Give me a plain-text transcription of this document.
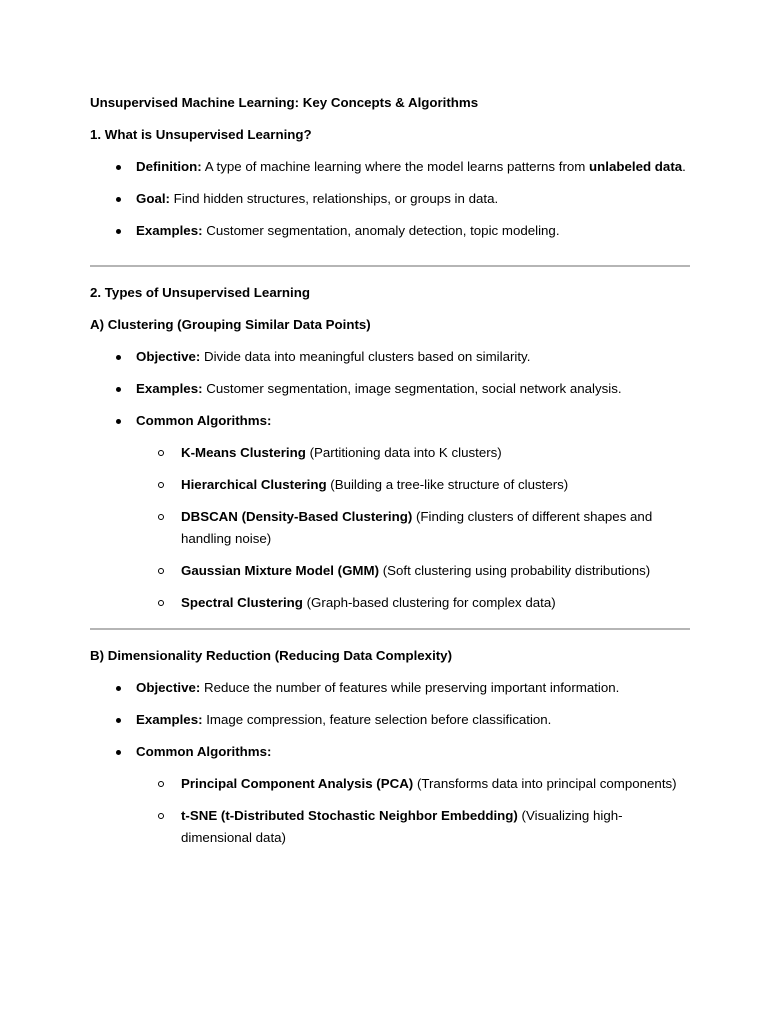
Unsupervised Machine Learning: Key Concepts & Algorithms

1. What is Unsupervised Learning?

Definition: A type of machine learning where the model learns patterns from unlabeled data.
Goal: Find hidden structures, relationships, or groups in data.
Examples: Customer segmentation, anomaly detection, topic modeling.

2. Types of Unsupervised Learning

A) Clustering (Grouping Similar Data Points)

Objective: Divide data into meaningful clusters based on similarity.
Examples: Customer segmentation, image segmentation, social network analysis.
Common Algorithms:
K-Means Clustering (Partitioning data into K clusters)
Hierarchical Clustering (Building a tree-like structure of clusters)
DBSCAN (Density-Based Clustering) (Finding clusters of different shapes and handling noise)
Gaussian Mixture Model (GMM) (Soft clustering using probability distributions)
Spectral Clustering (Graph-based clustering for complex data)

B) Dimensionality Reduction (Reducing Data Complexity)

Objective: Reduce the number of features while preserving important information.
Examples: Image compression, feature selection before classification.
Common Algorithms:
Principal Component Analysis (PCA) (Transforms data into principal components)
t-SNE (t-Distributed Stochastic Neighbor Embedding) (Visualizing high-dimensional data)
